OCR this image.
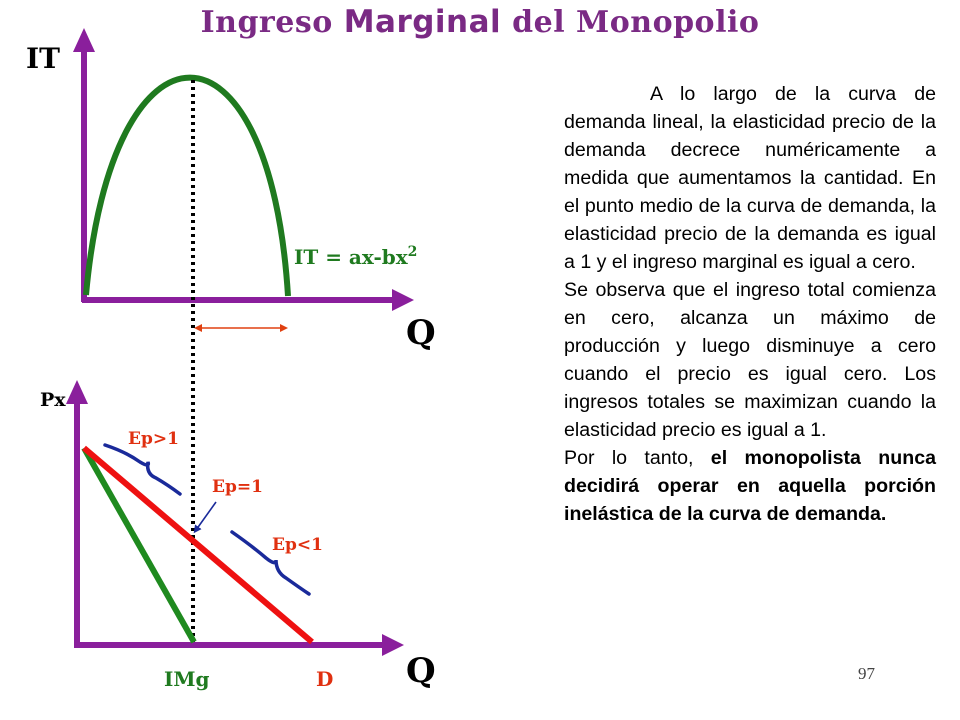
Ingreso Marginal del Monopolio
IT
Q
IT = $ax-bx^2$
Px
Q
Ep>1
Ep=1
Ep<1
IMg	D

A lo largo de la curva de demanda lineal, la elasticidad precio de la demanda decrece numéricamente a medida que aumentamos la cantidad. En el punto medio de la curva de demanda, la elasticidad precio de la demanda es igual a 1 y el ingreso marginal es igual a cero.

Se observa que el ingreso total comienza en cero, alcanza un máximo de producción y luego disminuye a cero cuando el precio es igual cero. Los ingresos totales se maximizan cuando la elasticidad precio es igual a 1.

Por lo tanto, el monopolista nunca decidirá operar en aquella porción inelástica de la curva de demanda.

97
